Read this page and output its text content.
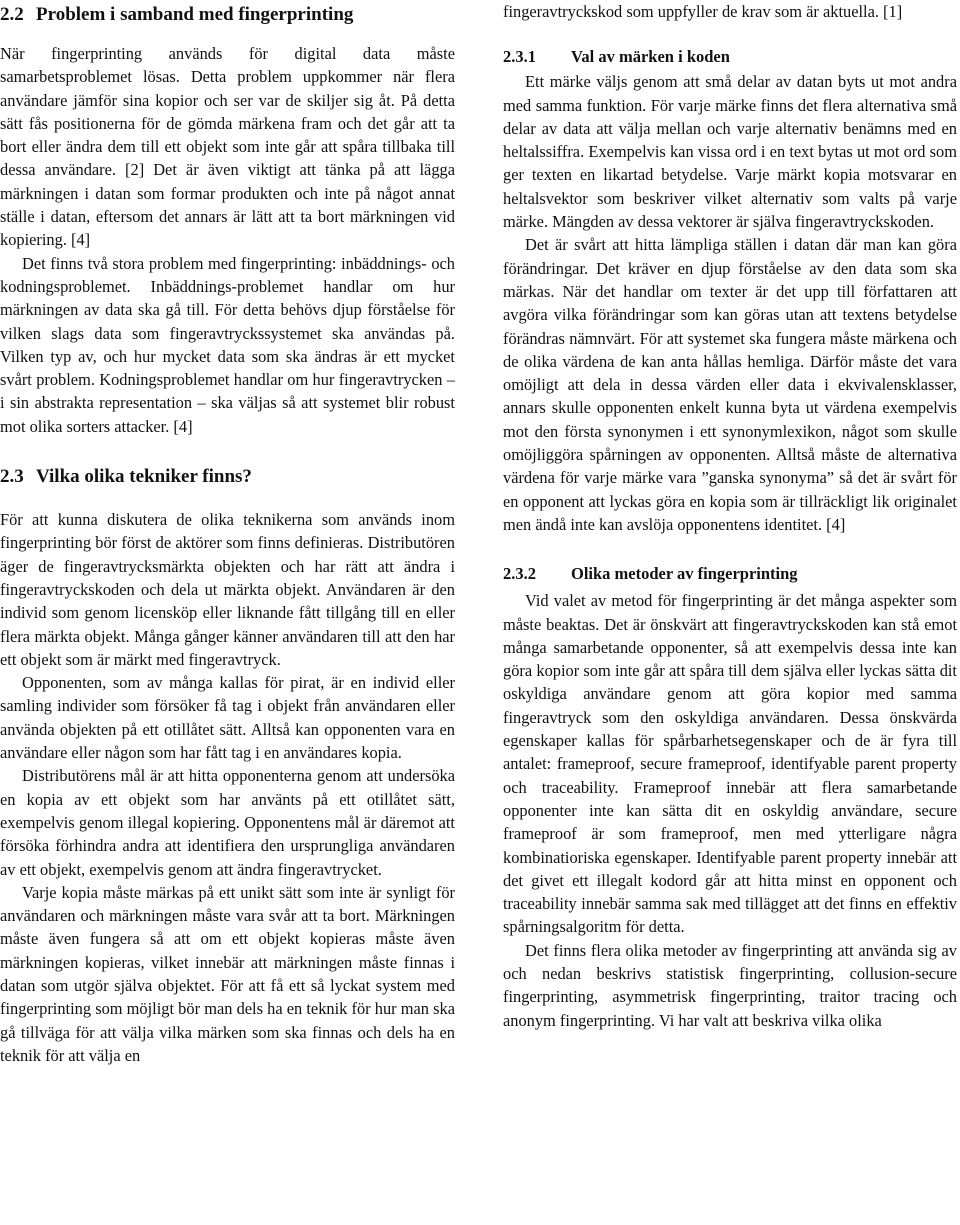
2.2 Problem i samband med fingerprinting

När fingerprinting används för digital data måste samarbetsproblemet lösas. Detta problem uppkommer när flera användare jämför sina kopior och ser var de skiljer sig åt. På detta sätt fås positionerna för de gömda märkena fram och det går att ta bort eller ändra dem till ett objekt som inte går att spåra tillbaka till dessa användare. [2] Det är även viktigt att tänka på att lägga märkningen i datan som formar produkten och inte på något annat ställe i datan, eftersom det annars är lätt att ta bort märkningen vid kopiering. [4]

Det finns två stora problem med fingerprinting: inbäddnings- och kodningsproblemet. Inbäddnings-problemet handlar om hur märkningen av data ska gå till. För detta behövs djup förståelse för vilken slags data som fingeravtryckssystemet ska användas på. Vilken typ av, och hur mycket data som ska ändras är ett mycket svårt problem. Kodningsproblemet handlar om hur fingeravtrycken – i sin abstrakta representation – ska väljas så att systemet blir robust mot olika sorters attacker. [4]

2.3 Vilka olika tekniker finns?

För att kunna diskutera de olika teknikerna som används inom fingerprinting bör först de aktörer som finns definieras. Distributören äger de fingeravtrycksmärkta objekten och har rätt att ändra i fingeravtryckskoden och dela ut märkta objekt. Användaren är den individ som genom licensköp eller liknande fått tillgång till en eller flera märkta objekt. Många gånger känner användaren till att den har ett objekt som är märkt med fingeravtryck.

Opponenten, som av många kallas för pirat, är en individ eller samling individer som försöker få tag i objekt från användaren eller använda objekten på ett otillåtet sätt. Alltså kan opponenten vara en användare eller någon som har fått tag i en användares kopia.

Distributörens mål är att hitta opponenterna genom att undersöka en kopia av ett objekt som har använts på ett otillåtet sätt, exempelvis genom illegal kopiering. Opponentens mål är däremot att försöka förhindra andra att identifiera den ursprungliga användaren av ett objekt, exempelvis genom att ändra fingeravtrycket.

Varje kopia måste märkas på ett unikt sätt som inte är synligt för användaren och märkningen måste vara svår att ta bort. Märkningen måste även fungera så att om ett objekt kopieras måste även märkningen kopieras, vilket innebär att märkningen måste finnas i datan som utgör själva objektet. För att få ett så lyckat system med fingerprinting som möjligt bör man dels ha en teknik för hur man ska gå tillväga för att välja vilka märken som ska finnas och dels ha en teknik för att välja en

fingeravtryckskod som uppfyller de krav som är aktuella. [1]

2.3.1 Val av märken i koden

Ett märke väljs genom att små delar av datan byts ut mot andra med samma funktion. För varje märke finns det flera alternativa små delar av data att välja mellan och varje alternativ benämns med en heltalssiffra. Exempelvis kan vissa ord i en text bytas ut mot ord som ger texten en likartad betydelse. Varje märkt kopia motsvarar en heltalsvektor som beskriver vilket alternativ som valts på varje märke. Mängden av dessa vektorer är själva fingeravtryckskoden.

Det är svårt att hitta lämpliga ställen i datan där man kan göra förändringar. Det kräver en djup förståelse av den data som ska märkas. När det handlar om texter är det upp till författaren att avgöra vilka förändringar som kan göras utan att textens betydelse förändras nämnvärt. För att systemet ska fungera måste märkena och de olika värdena de kan anta hållas hemliga. Därför måste det vara omöjligt att dela in dessa värden eller data i ekvivalensklasser, annars skulle opponenten enkelt kunna byta ut värdena exempelvis mot den första synonymen i ett synonymlexikon, något som skulle omöjliggöra spårningen av opponenten. Alltså måste de alternativa värdena för varje märke vara ”ganska synonyma” så det är svårt för en opponent att lyckas göra en kopia som är tillräckligt lik originalet men ändå inte kan avslöja opponentens identitet. [4]

2.3.2 Olika metoder av fingerprinting

Vid valet av metod för fingerprinting är det många aspekter som måste beaktas. Det är önskvärt att fingeravtryckskoden kan stå emot många samarbetande opponenter, så att exempelvis dessa inte kan göra kopior som inte går att spåra till dem själva eller lyckas sätta dit oskyldiga användare genom att göra kopior med samma fingeravtryck som den oskyldiga användaren. Dessa önskvärda egenskaper kallas för spårbarhetsegenskaper och de är fyra till antalet: frameproof, secure frameproof, identifyable parent property och traceability. Frameproof innebär att flera samarbetande opponenter inte kan sätta dit en oskyldig användare, secure frameproof är som frameproof, men med ytterligare några kombinatioriska egenskaper. Identifyable parent property innebär att det givet ett illegalt kodord går att hitta minst en opponent och traceability innebär samma sak med tillägget att det finns en effektiv spårningsalgoritm för detta.

Det finns flera olika metoder av fingerprinting att använda sig av och nedan beskrivs statistisk fingerprinting, collusion-secure fingerprinting, asymmetrisk fingerprinting, traitor tracing och anonym fingerprinting. Vi har valt att beskriva vilka olika
